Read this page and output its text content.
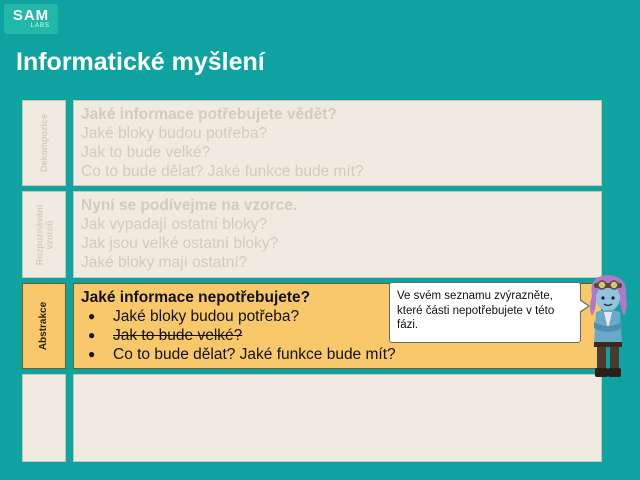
SAM
LABS
Informatické myšlení
Dekompozice Jaké informace potřebujete vědět?
Jaké bloky budou potřeba?
Jak to bude velké?
Co to bude dělat? Jaké funkce bude mít?
Rozpoznávání vzorců
Nyní se podívejme na vzorce.
Jak vypadají ostatní bloky?
Jak jsou velké ostatní bloky?
Jaké bloky mají ostatní?
Abstrakce
Jaké informace nepotřebujete?
● Jaké bloky budou potřeba?
● Jak to bude velké?
● Co to bude dělat? Jaké funkce bude mít?
Ve svém seznamu zvýrazněte, které části nepotřebujete v této fázi.
